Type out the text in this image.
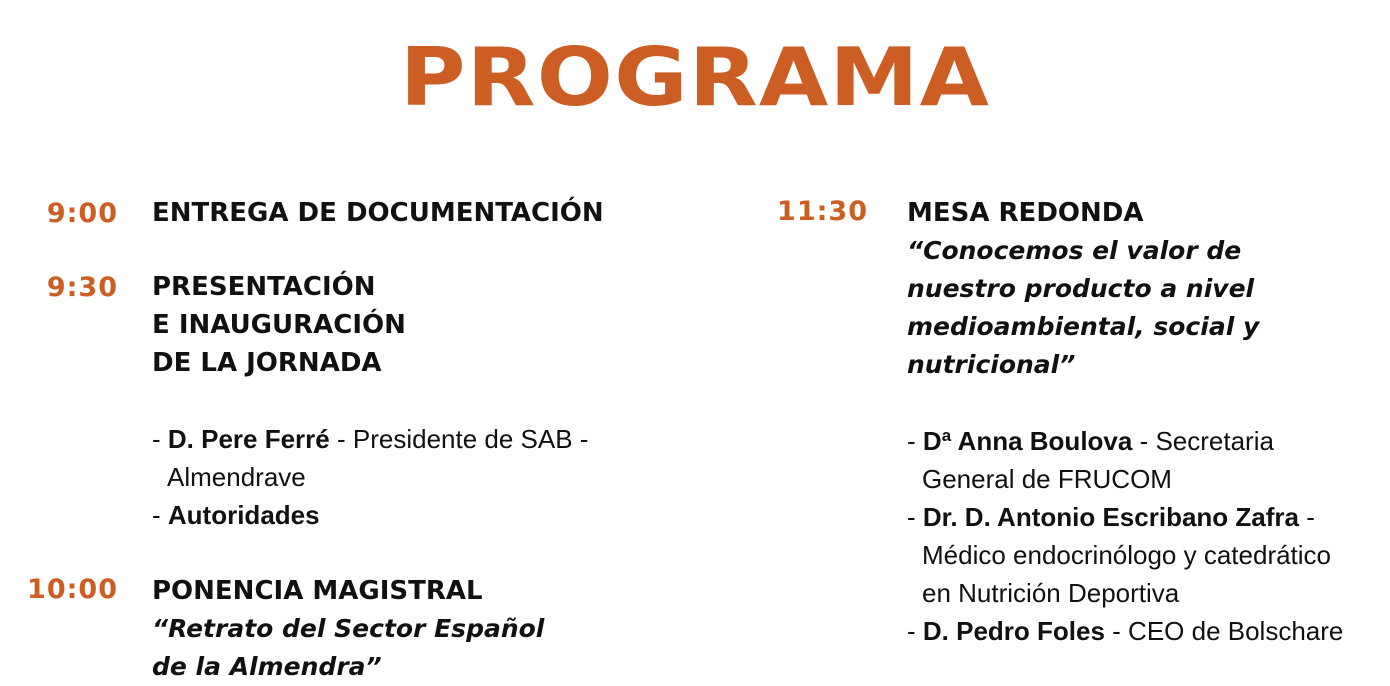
PROGRAMA
9:00 ENTREGA DE DOCUMENTACIÓN
9:30 PRESENTACIÓN
E INAUGURACIÓN
DE LA JORNADA
- D. Pere Ferré - Presidente de SAB -
Almendrave
- Autoridades
10:00 PONENCIA MAGISTRAL
“Retrato del Sector Español
de la Almendra”
11:30 MESA REDONDA
“Conocemos el valor de
nuestro producto a nivel
medioambiental, social y
nutricional”
- Dª Anna Boulova - Secretaria
General de FRUCOM
- Dr. D. Antonio Escribano Zafra -
Médico endocrinólogo y catedrático
en Nutrición Deportiva
- D. Pedro Foles - CEO de Bolschare
